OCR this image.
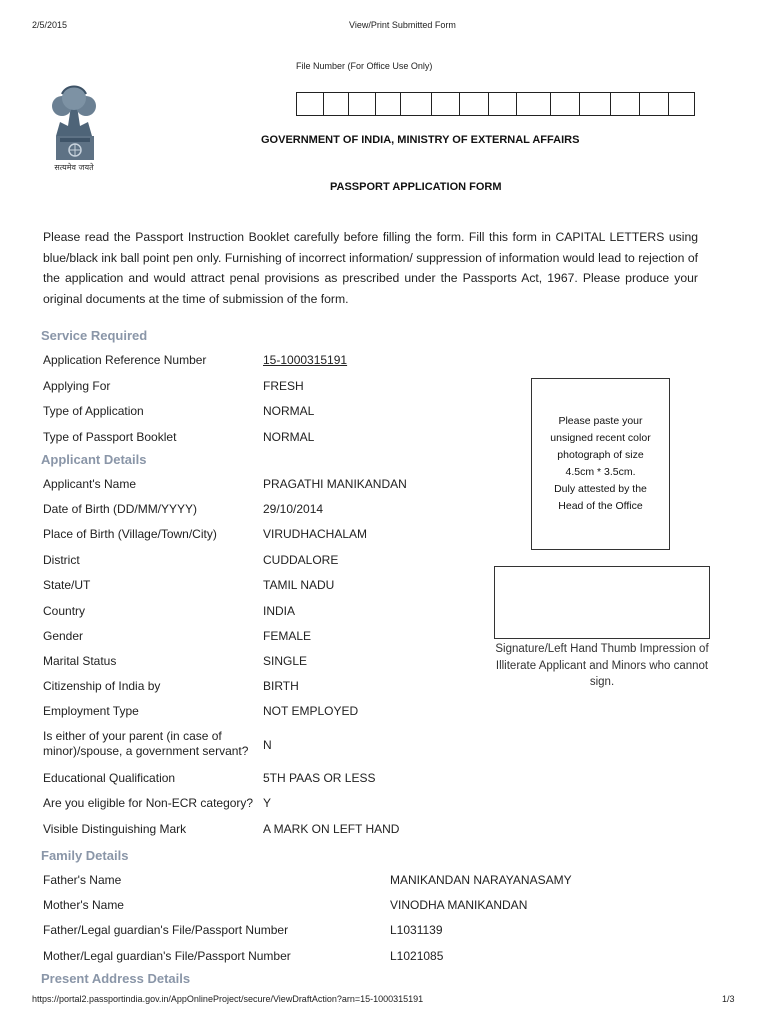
2/5/2015	View/Print Submitted Form
सत्यमेव जयते
File Number (For Office Use Only)
GOVERNMENT OF INDIA, MINISTRY OF EXTERNAL AFFAIRS
PASSPORT APPLICATION FORM
Please read the Passport Instruction Booklet carefully before filling the form. Fill this form in CAPITAL LETTERS using blue/black ink ball point pen only. Furnishing of incorrect information/ suppression of information would lead to rejection of the application and would attract penal provisions as prescribed under the Passports Act, 1967. Please produce your original documents at the time of submission of the form.
Service Required
Application Reference Number	15-1000315191
Applying For	FRESH
Type of Application	NORMAL
Type of Passport Booklet	NORMAL
Applicant Details
Applicant's Name	PRAGATHI MANIKANDAN
Date of Birth (DD/MM/YYYY)	29/10/2014
Place of Birth (Village/Town/City)	VIRUDHACHALAM
District	CUDDALORE
State/UT	TAMIL NADU
Country	INDIA
Gender	FEMALE
Marital Status	SINGLE
Citizenship of India by	BIRTH
Employment Type	NOT EMPLOYED
Is either of your parent (in case of minor)/spouse, a government servant?	N
Educational Qualification	5TH PAAS OR LESS
Are you eligible for Non-ECR category? Y
Visible Distinguishing Mark	A MARK ON LEFT HAND
Please paste your
unsigned recent color
photograph of size
4.5cm * 3.5cm.
Duly attested by the
Head of the Office
Signature/Left Hand Thumb Impression of Illiterate Applicant and Minors who cannot sign.
Family Details
Father's Name	MANIKANDAN NARAYANASAMY
Mother's Name	VINODHA MANIKANDAN
Father/Legal guardian's File/Passport Number	L1031139
Mother/Legal guardian's File/Passport Number	L1021085
Present Address Details
https://portal2.passportindia.gov.in/AppOnlineProject/secure/ViewDraftAction?arn=15-1000315191	1/3
